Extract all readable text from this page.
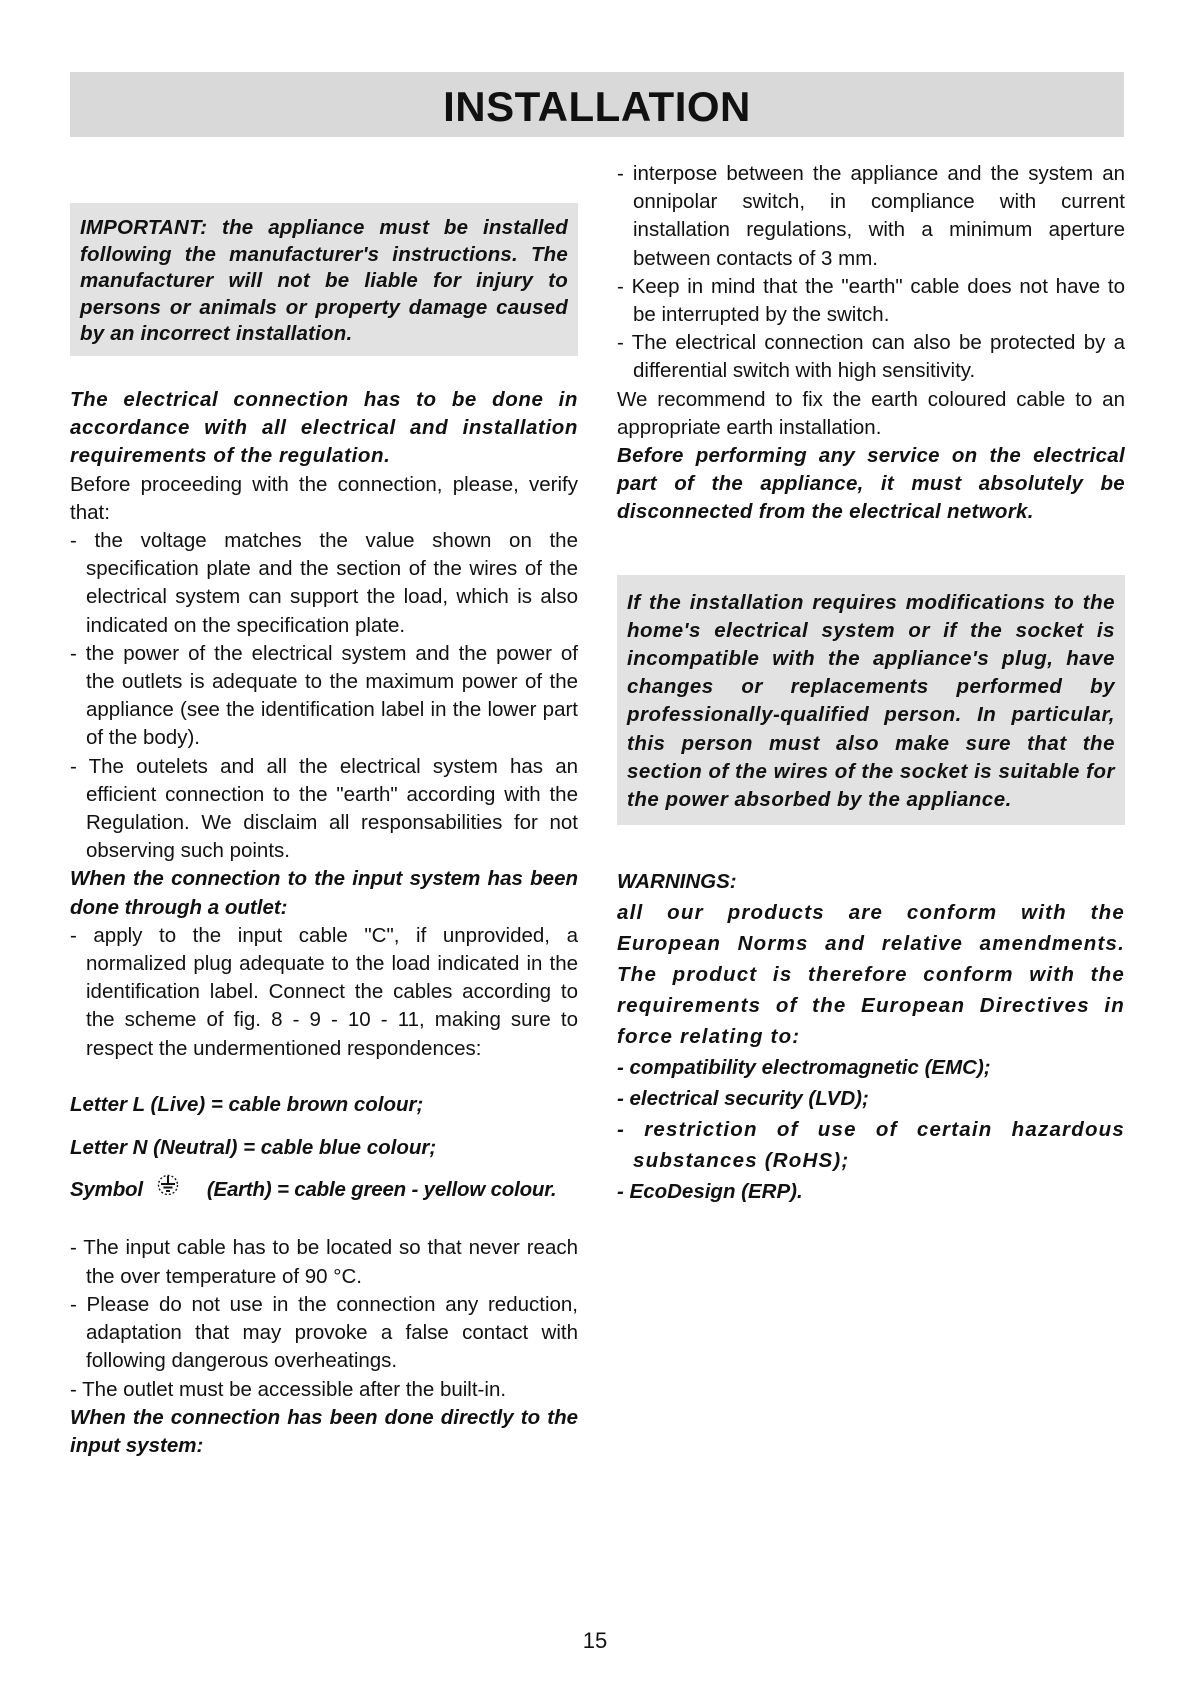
INSTALLATION

IMPORTANT: the appliance must be installed following the manufacturer's instructions. The manufacturer will not be liable for injury to persons or animals or property damage caused by an incorrect installation.

The electrical connection has to be done in accordance with all electrical and installation requirements of the regulation.

Before proceeding with the connection, please, verify that:

- the voltage matches the value shown on the specification plate and the section of the wires of the electrical system can support the load, which is also indicated on the specification plate.

- the power of the electrical system and the power of the outlets is adequate to the maximum power of the appliance (see the identification label in the lower part of the body).

- The outelets and all the electrical system has an efficient connection to the "earth" according with the Regulation. We disclaim all responsabilities for not observing such points.

When the connection to the input system has been done through a outlet:

- apply to the input cable "C", if unprovided, a normalized plug adequate to the load indicated in the identification label. Connect the cables according to the scheme of fig. 8 - 9 - 10 - 11, making sure to respect the undermentioned respondences:

Letter L (Live) = cable brown colour;

Letter N (Neutral) = cable blue colour;

Symbol	(Earth) = cable green - yellow colour.

- The input cable has to be located so that never reach the over temperature of 90 °C.

- Please do not use in the connection any reduction, adaptation that may provoke a false contact with following dangerous overheatings.

- The outlet must be accessible after the built-in.

When the connection has been done directly to the input system:

- interpose between the appliance and the system an onnipolar switch, in compliance with current installation regulations, with a minimum aperture between contacts of 3 mm.

- Keep in mind that the "earth" cable does not have to be interrupted by the switch.

- The electrical connection can also be protected by a differential switch with high sensitivity.

We recommend to fix the earth coloured cable to an appropriate earth installation.

Before performing any service on the electrical part of the appliance, it must absolutely be disconnected from the electrical network.

If the installation requires modifications to the home's electrical system or if the socket is incompatible with the appliance's plug, have changes or replacements performed by professionally-qualified person. In particular, this person must also make sure that the section of the wires of the socket is suitable for the power absorbed by the appliance.

WARNINGS:

all our products are conform with the European Norms and relative amendments. The product is therefore conform with the requirements of the European Directives in force relating to:

- compatibility electromagnetic (EMC);

- electrical security (LVD);

- restriction of use of certain hazardous substances (RoHS);

- EcoDesign (ERP).

15
